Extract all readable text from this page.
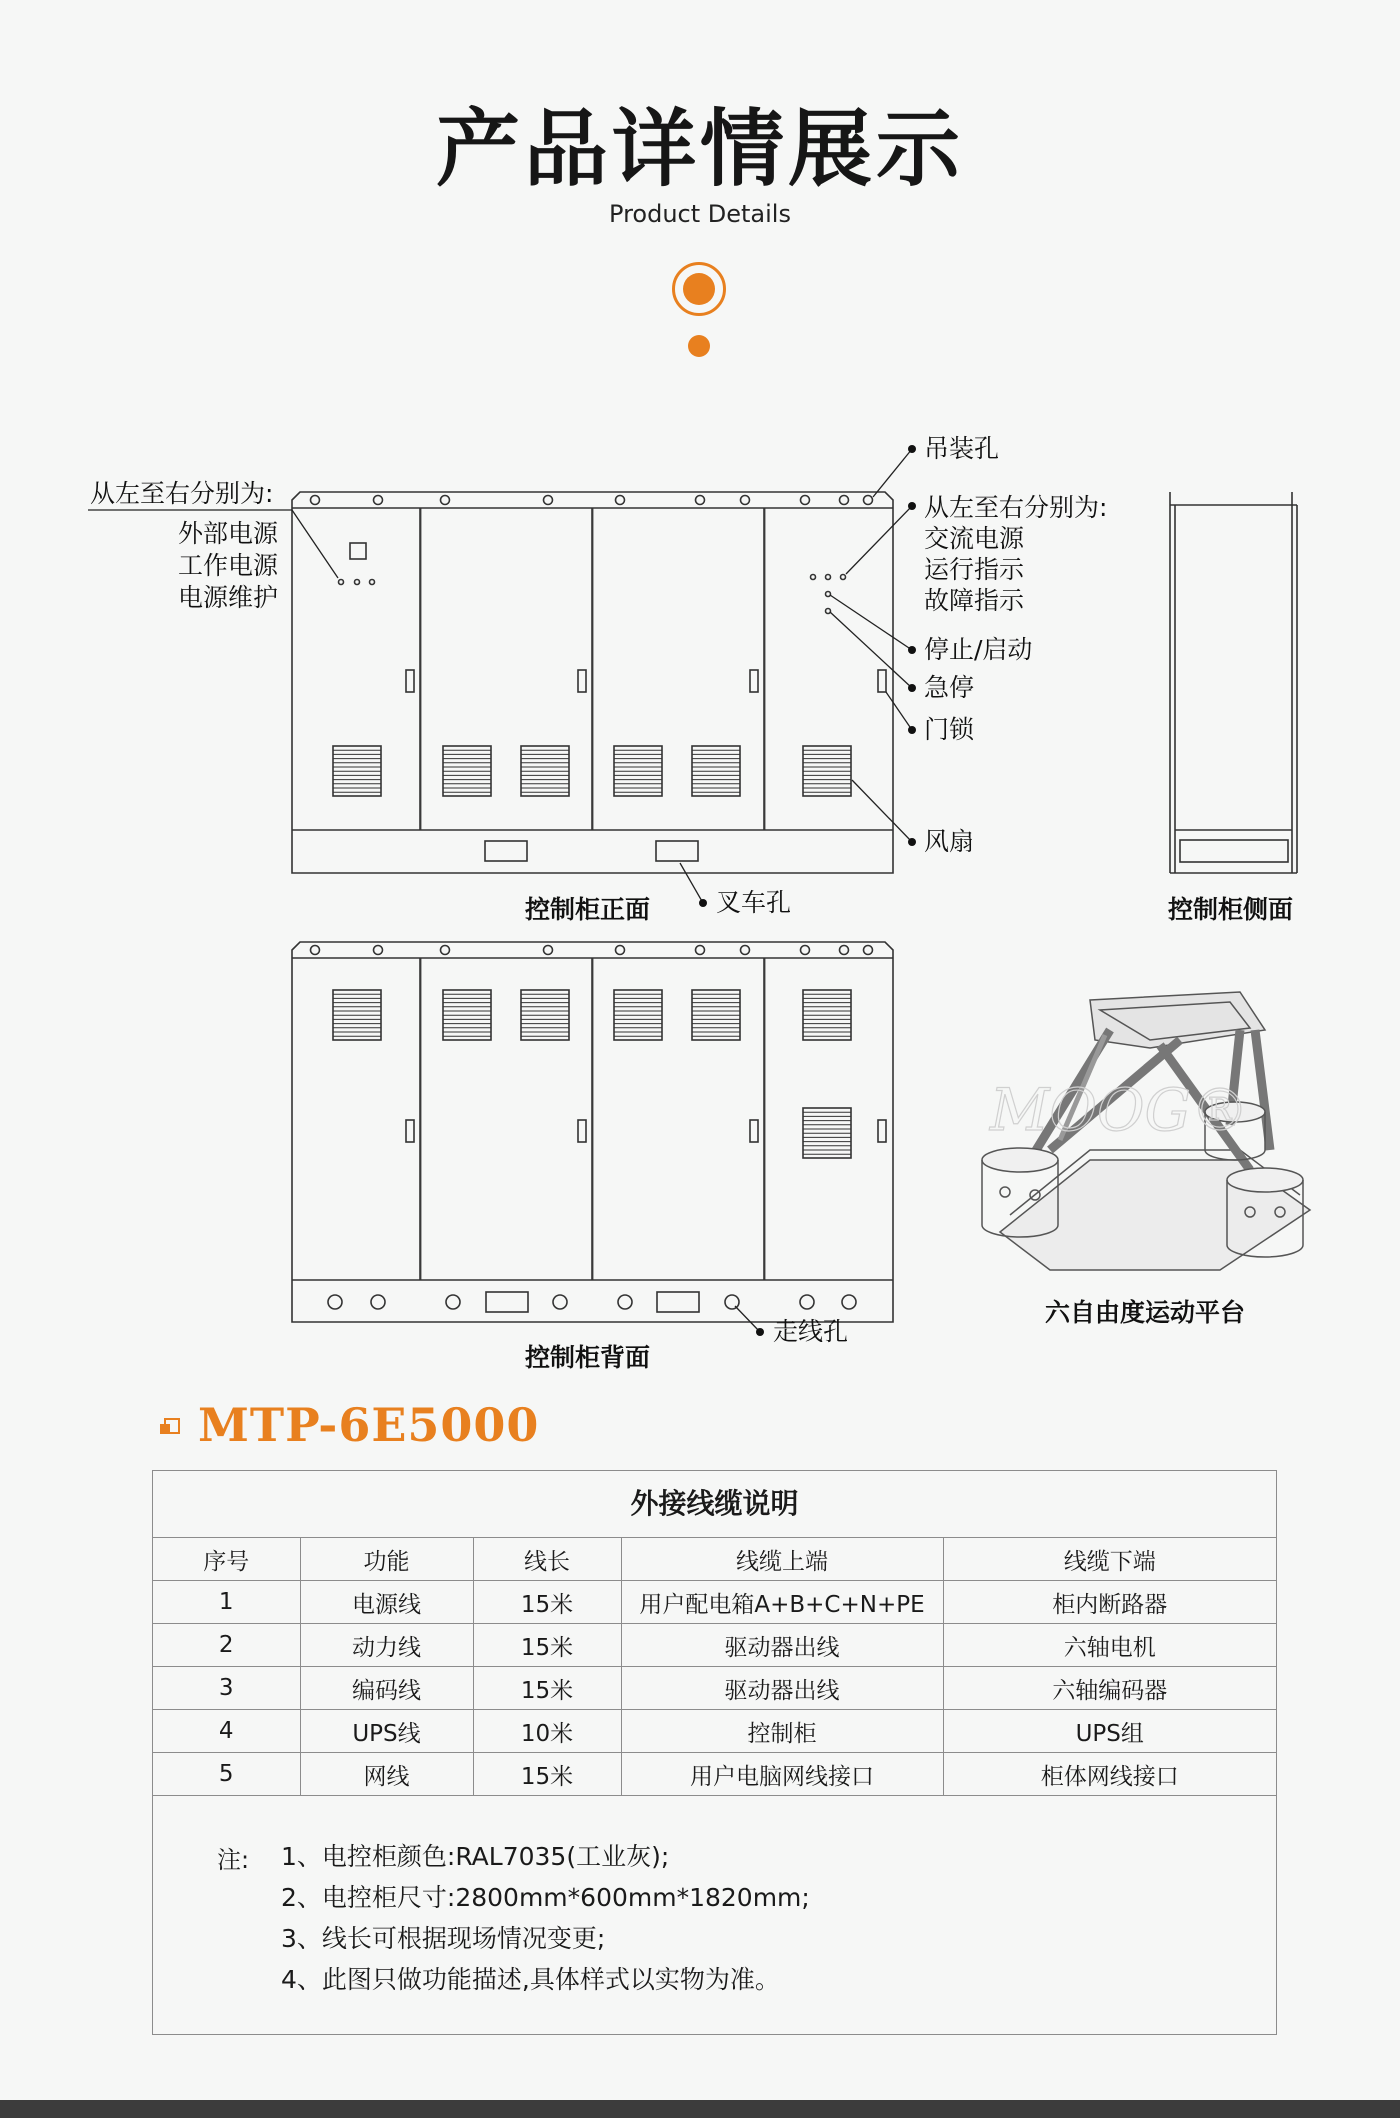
产品详情展示
Product Details
MOOG®
从左至右分别为:
外部电源
工作电源
电源维护
吊装孔
从左至右分别为:
交流电源
运行指示
故障指示
停止/启动
急停
门锁
风扇
叉车孔
走线孔
控制柜正面	控制柜侧面
控制柜背面
六自由度运动平台
MTP-6E5000
外接线缆说明
序号	功能	线长	线缆上端	线缆下端
1	电源线	15米	用户配电箱A+B+C+N+PE	柜内断路器
2	动力线	15米	驱动器出线	六轴电机
3	编码线	15米	驱动器出线	六轴编码器
4	UPS线	10米	控制柜	UPS组
5	网线	15米	用户电脑网线接口	柜体网线接口
注: 1、电控柜颜色:RAL7035(工业灰);
2、电控柜尺寸:2800mm*600mm*1820mm;
3、线长可根据现场情况变更;
4、此图只做功能描述,具体样式以实物为准。
